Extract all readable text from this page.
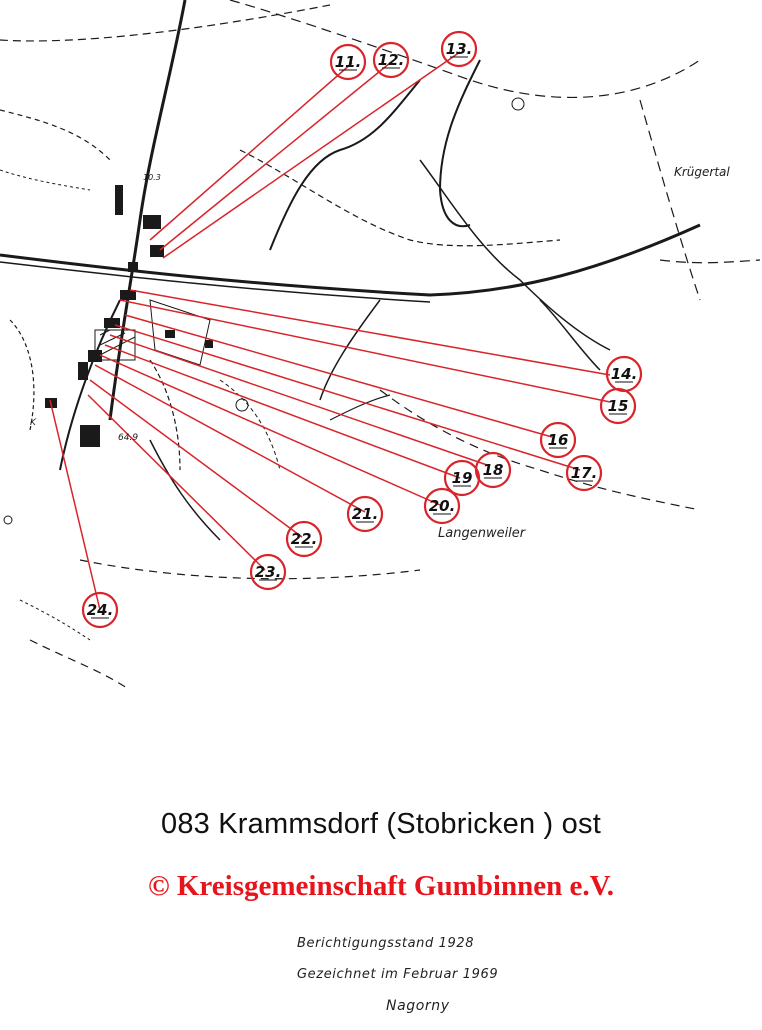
Krügertal
Langenweiler
10.3
64.9
K
11. 12.
13.
14.
15
16
17.
18
19
20.
21.
22.
23.
24.
083 Krammsdorf (Stobricken ) ost
© Kreisgemeinschaft Gumbinnen e.V.
Berichtigungsstand 1928
Gezeichnet im Februar 1969
Nagorny
